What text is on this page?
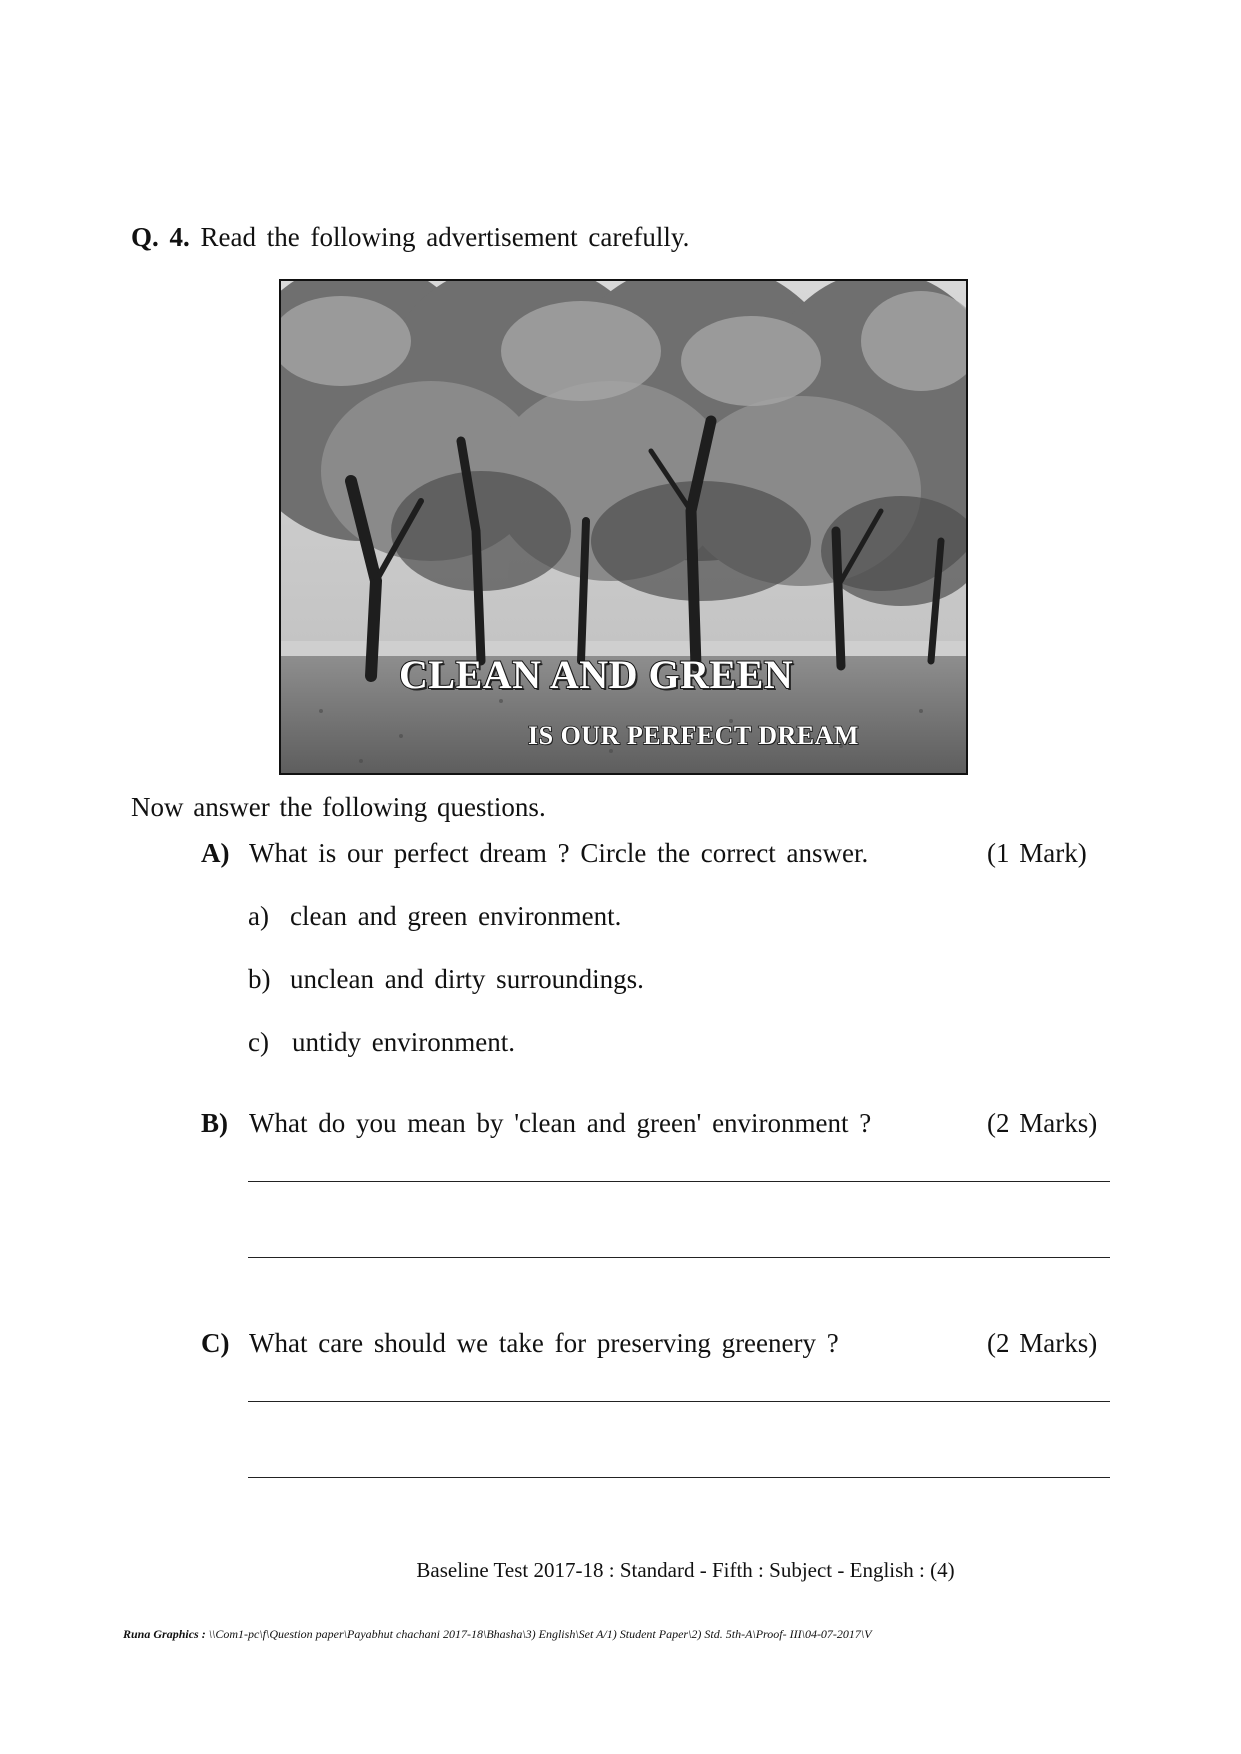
Q. 4. Read the following advertisement carefully.
CLEAN AND GREEN
IS OUR PERFECT DREAM
Now answer the following questions.
A) What is our perfect dream ? Circle the correct answer.	(1 Mark)
a) clean and green environment.
b) unclean and dirty surroundings.
c) untidy environment.
B) What do you mean by 'clean and green' environment ?	(2 Marks)
C) What care should we take for preserving greenery ?	(2 Marks)
Baseline Test 2017-18 : Standard - Fifth : Subject - English : (4)
Runa Graphics : \\Com1-pc\f\Question paper\Payabhut chachani 2017-18\Bhasha\3) English\Set A/1) Student Paper\2) Std. 5th-A\Proof- III\04-07-2017\V
